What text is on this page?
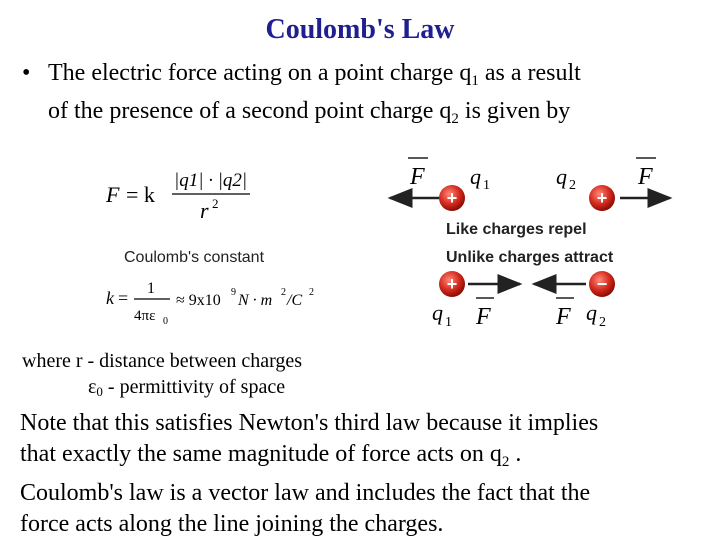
Coulomb's Law
• The electric force acting on a point charge $q_1$ as a result
of the presence of a second point charge $q_2$ is given by
F = k
|q1| · |q2|
r 2
Coulomb's constant
k = 1
4πε 0
≈ 9x10 9 N · m 2 /C 2
F	F
q 1	q 2
+	+
Like charges repel
Unlike charges attract
+	−
F	F
q 1	q 2
where r - distance between charges
$\varepsilon_0$ - permittivity of space
Note that this satisfies Newton's third law because it implies
that exactly the same magnitude of force acts on $q_2$ .
Coulomb's law is a vector law and includes the fact that the
force acts along the line joining the charges.
